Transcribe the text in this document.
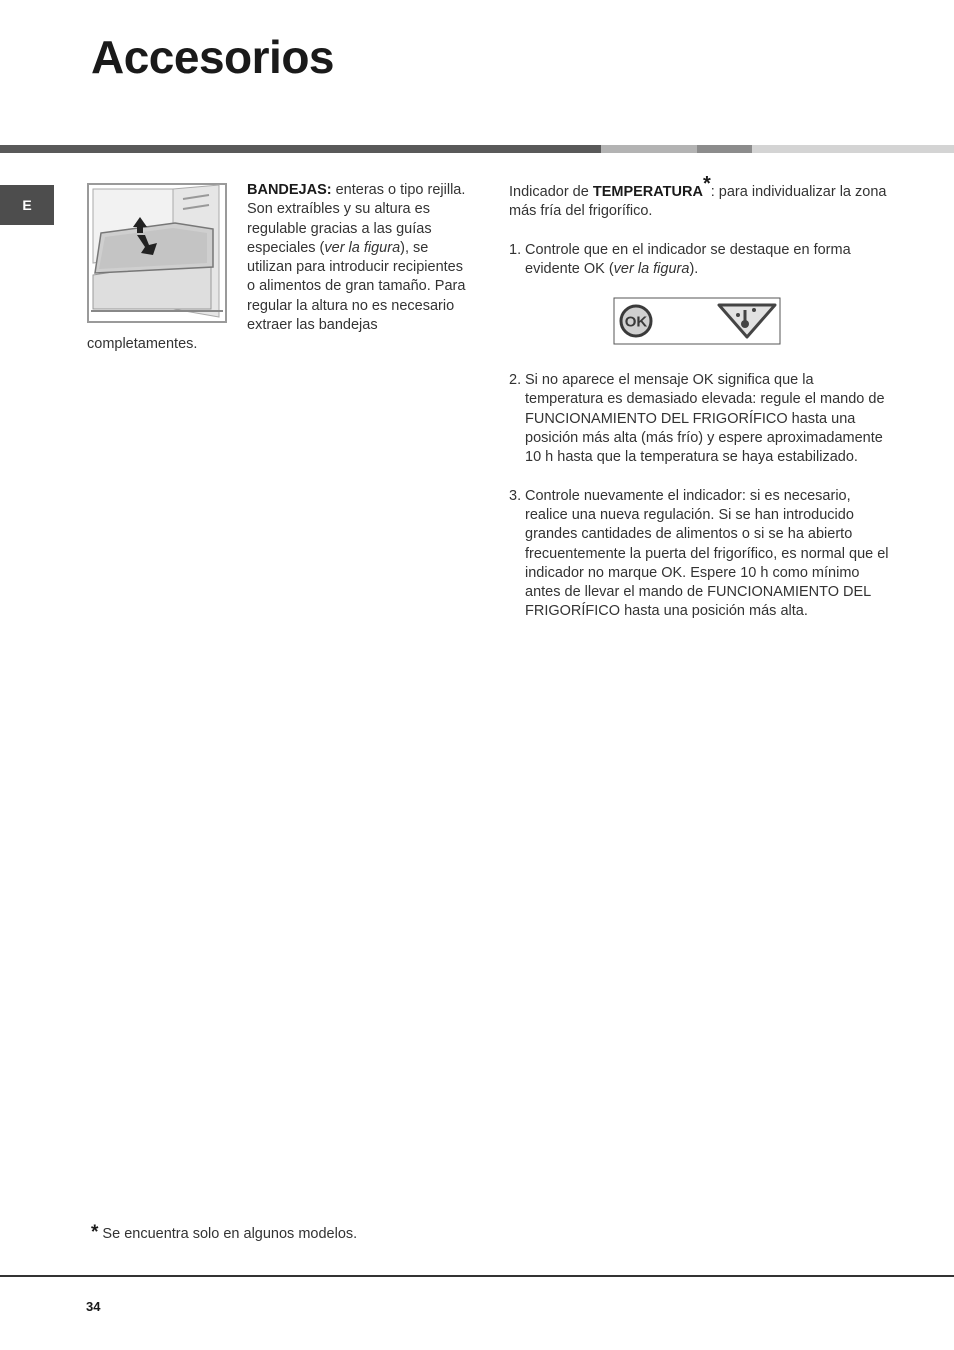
Accesorios
E

BANDEJAS: enteras o tipo rejilla. Son extraíbles y su altura es regulable gracias a las guías especiales (ver la figura), se utilizan para introducir recipientes o alimentos de gran tamaño. Para regular la altura no es necesario extraer las bandejas completamentes.

Indicador de TEMPERATURA*: para individualizar la zona más fría del frigorífico.

1. Controle que en el indicador se destaque en forma evidente OK (ver la figura).
OK
2. Si no aparece el mensaje OK significa que la temperatura es demasiado elevada: regule el mando de FUNCIONAMIENTO DEL FRIGORÍFICO hasta una posición más alta (más frío) y espere aproximadamente 10 h hasta que la temperatura se haya estabilizado.
3. Controle nuevamente el indicador: si es necesario, realice una nueva regulación. Si se han introducido grandes cantidades de alimentos o si se ha abierto frecuentemente la puerta del frigorífico, es normal que el indicador no marque OK. Espere 10 h como mínimo antes de llevar el mando de FUNCIONAMIENTO DEL FRIGORÍFICO hasta una posición más alta.
* Se encuentra solo en algunos modelos.
34
